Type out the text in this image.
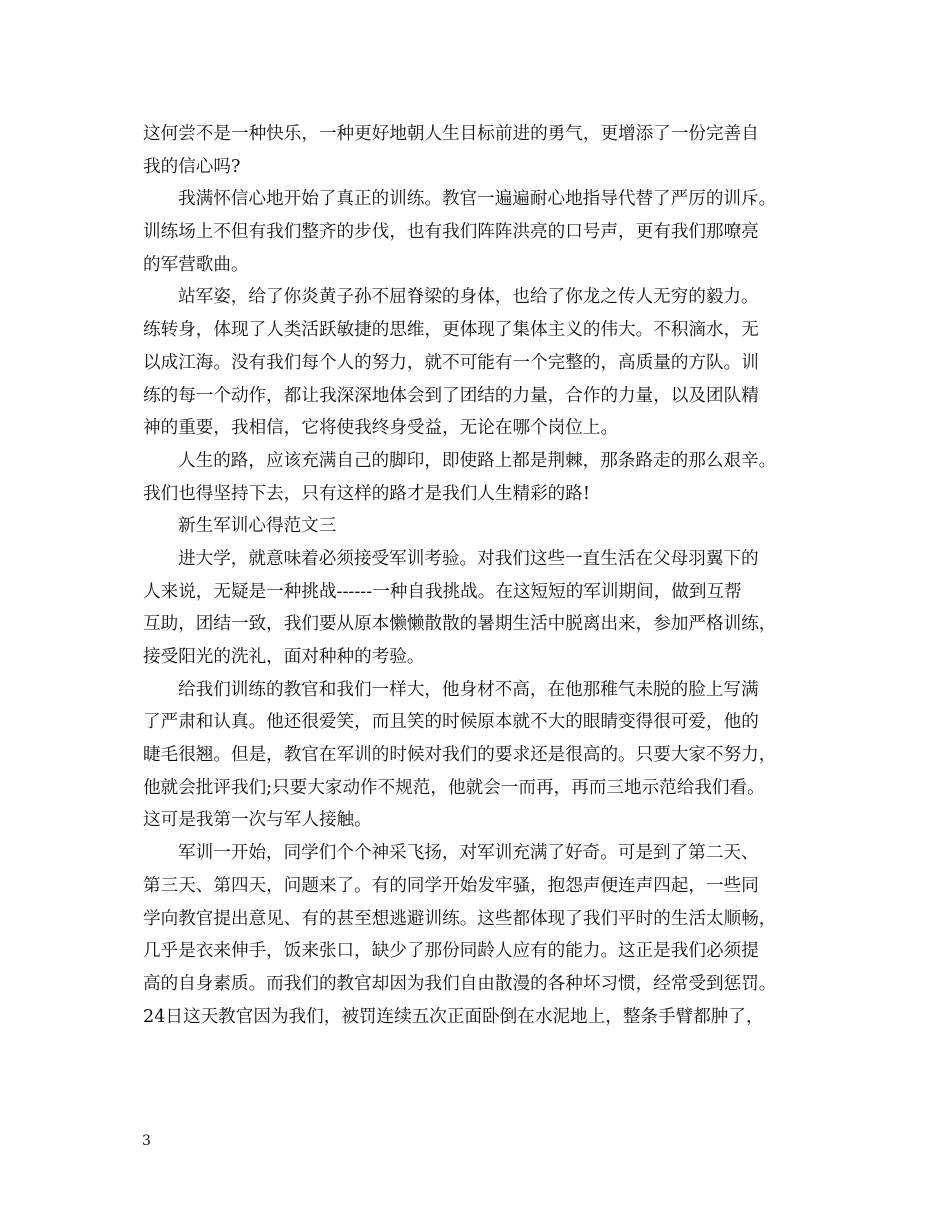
这何尝不是一种快乐，一种更好地朝人生目标前进的勇气，更增添了一份完善自
我的信心吗?
我满怀信心地开始了真正的训练。教官一遍遍耐心地指导代替了严厉的训斥。
训练场上不但有我们整齐的步伐，也有我们阵阵洪亮的口号声，更有我们那嘹亮
的军营歌曲。
站军姿，给了你炎黄子孙不屈脊梁的身体，也给了你龙之传人无穷的毅力。
练转身，体现了人类活跃敏捷的思维，更体现了集体主义的伟大。不积滴水，无
以成江海。没有我们每个人的努力，就不可能有一个完整的，高质量的方队。训
练的每一个动作，都让我深深地体会到了团结的力量，合作的力量，以及团队精
神的重要，我相信，它将使我终身受益，无论在哪个岗位上。
人生的路，应该充满自己的脚印，即使路上都是荆棘，那条路走的那么艰辛。
我们也得坚持下去，只有这样的路才是我们人生精彩的路!
新生军训心得范文三
进大学，就意味着必须接受军训考验。对我们这些一直生活在父母羽翼下的
人来说，无疑是一种挑战------一种自我挑战。在这短短的军训期间，做到互帮
互助，团结一致，我们要从原本懒懒散散的暑期生活中脱离出来，参加严格训练，
接受阳光的洗礼，面对种种的考验。
给我们训练的教官和我们一样大，他身材不高，在他那稚气未脱的脸上写满
了严肃和认真。他还很爱笑，而且笑的时候原本就不大的眼睛变得很可爱，他的
睫毛很翘。但是，教官在军训的时候对我们的要求还是很高的。只要大家不努力，
他就会批评我们;只要大家动作不规范，他就会一而再，再而三地示范给我们看。
这可是我第一次与军人接触。
军训一开始，同学们个个神采飞扬，对军训充满了好奇。可是到了第二天、
第三天、第四天，问题来了。有的同学开始发牢骚，抱怨声便连声四起，一些同
学向教官提出意见、有的甚至想逃避训练。这些都体现了我们平时的生活太顺畅，
几乎是衣来伸手，饭来张口，缺少了那份同龄人应有的能力。这正是我们必须提
高的自身素质。而我们的教官却因为我们自由散漫的各种坏习惯，经常受到惩罚。
24日这天教官因为我们，被罚连续五次正面卧倒在水泥地上，整条手臂都肿了，
3
